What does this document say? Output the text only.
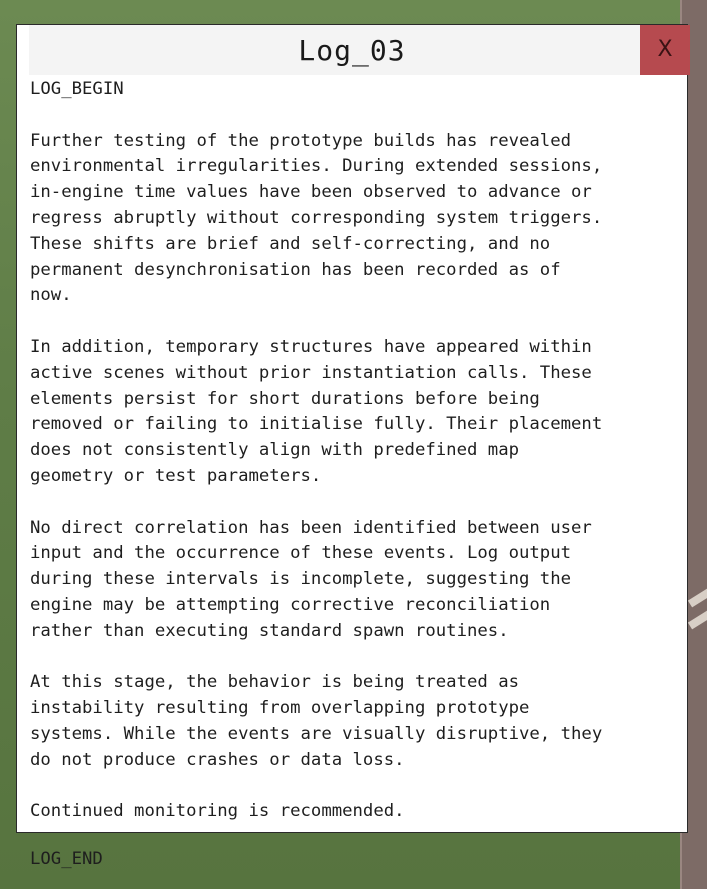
Log_03	X
LOG_BEGIN

Further testing of the prototype builds has revealed
environmental irregularities. During extended sessions,
in-engine time values have been observed to advance or
regress abruptly without corresponding system triggers.
These shifts are brief and self-correcting, and no
permanent desynchronisation has been recorded as of
now.

In addition, temporary structures have appeared within
active scenes without prior instantiation calls. These
elements persist for short durations before being
removed or failing to initialise fully. Their placement
does not consistently align with predefined map
geometry or test parameters.

No direct correlation has been identified between user
input and the occurrence of these events. Log output
during these intervals is incomplete, suggesting the
engine may be attempting corrective reconciliation
rather than executing standard spawn routines.

At this stage, the behavior is being treated as
instability resulting from overlapping prototype
systems. While the events are visually disruptive, they
do not produce crashes or data loss.

Continued monitoring is recommended.
LOG_END
